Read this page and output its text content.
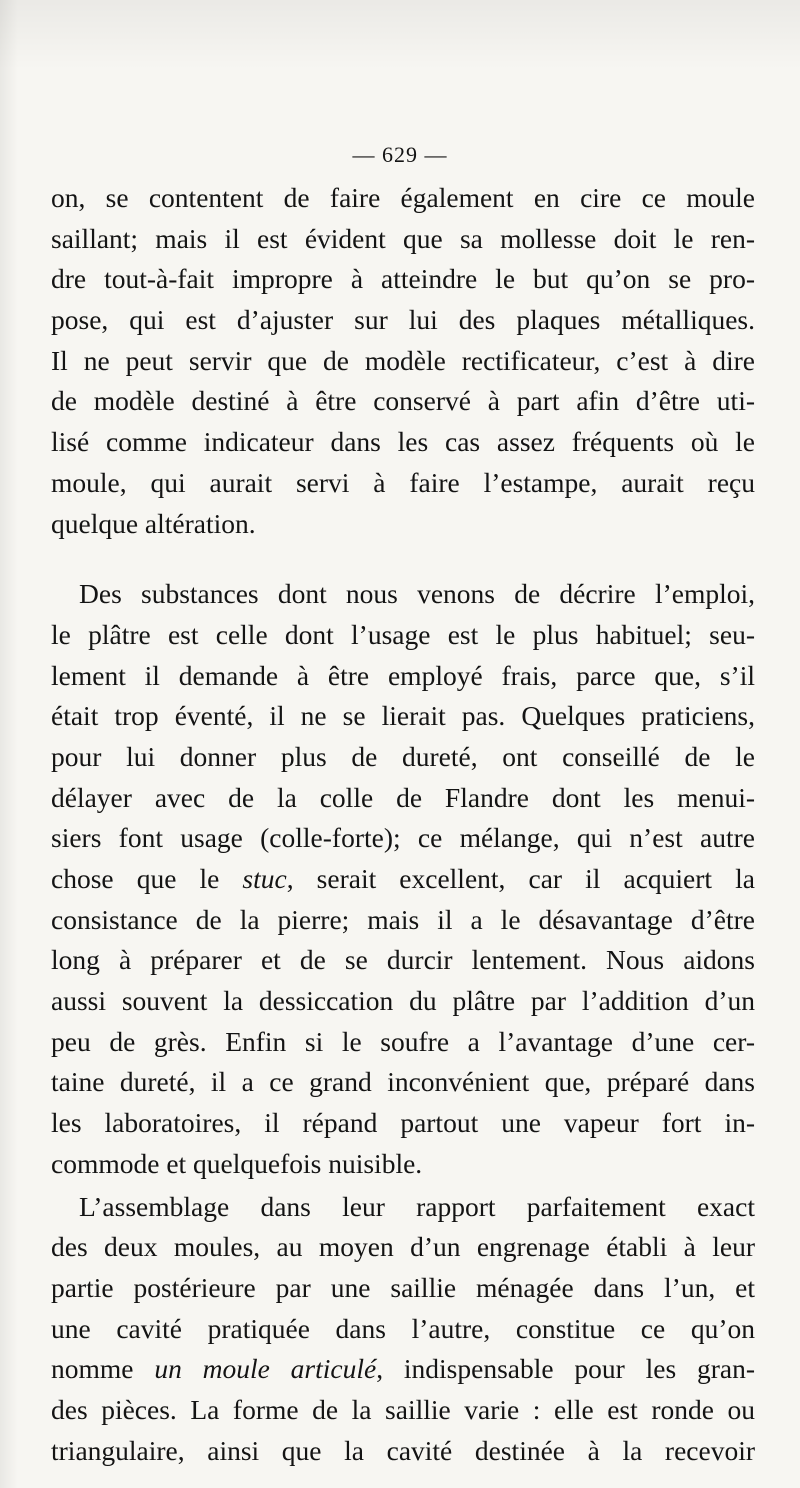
— 629 —
on, se contentent de faire également en cire ce moule
saillant; mais il est évident que sa mollesse doit le ren-
dre tout-à-fait impropre à atteindre le but qu’on se pro-
pose, qui est d’ajuster sur lui des plaques métalliques.
Il ne peut servir que de modèle rectificateur, c’est à dire
de modèle destiné à être conservé à part afin d’être uti-
lisé comme indicateur dans les cas assez fréquents où le
moule, qui aurait servi à faire l’estampe, aurait reçu
quelque altération.
Des substances dont nous venons de décrire l’emploi,
le plâtre est celle dont l’usage est le plus habituel; seu-
lement il demande à être employé frais, parce que, s’il
était trop éventé, il ne se lierait pas. Quelques praticiens,
pour lui donner plus de dureté, ont conseillé de le
délayer avec de la colle de Flandre dont les menui-
siers font usage (colle-forte); ce mélange, qui n’est autre
chose que le stuc, serait excellent, car il acquiert la
consistance de la pierre; mais il a le désavantage d’être
long à préparer et de se durcir lentement. Nous aidons
aussi souvent la dessiccation du plâtre par l’addition d’un
peu de grès. Enfin si le soufre a l’avantage d’une cer-
taine dureté, il a ce grand inconvénient que, préparé dans
les laboratoires, il répand partout une vapeur fort in-
commode et quelquefois nuisible.
L’assemblage dans leur rapport parfaitement exact
des deux moules, au moyen d’un engrenage établi à leur
partie postérieure par une saillie ménagée dans l’un, et
une cavité pratiquée dans l’autre, constitue ce qu’on
nomme un moule articulé, indispensable pour les gran-
des pièces. La forme de la saillie varie : elle est ronde ou
triangulaire, ainsi que la cavité destinée à la recevoir
